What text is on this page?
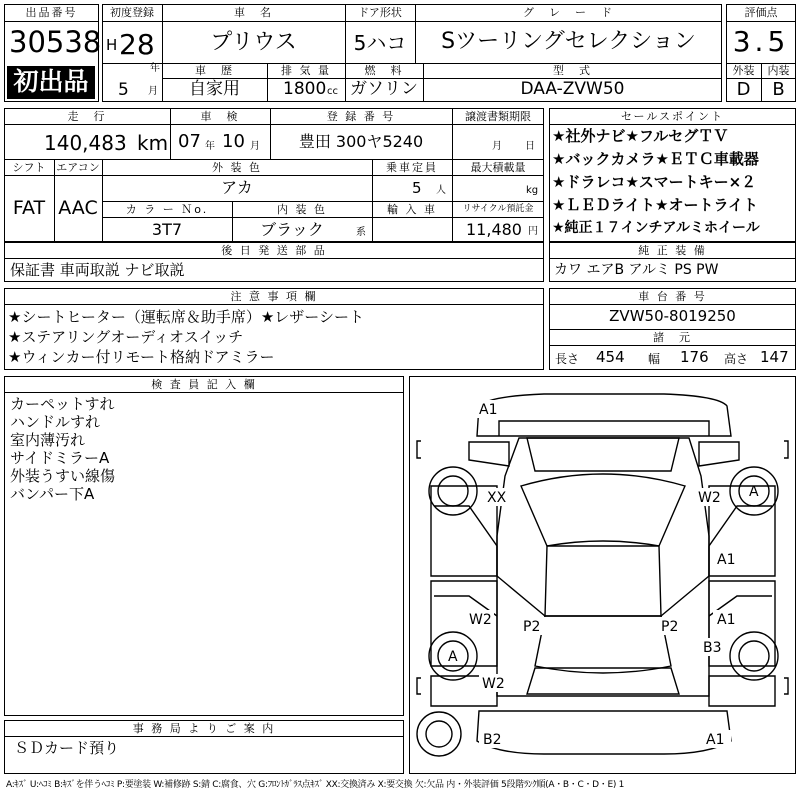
出品番号
30538
初出品
初度登録
H 28
年
5 月
車　名
プリウス
ドア形状
5ハコ
グ　レ　ー　ド
Sツーリングセレクション
車　歴
自家用
排 気 量
1800 cc
燃　料
ガソリン
型　式
DAA-ZVW50
評価点
3.5
外装	内装
D	B
走　行
140,483 km
車　検
07 年 10 月
登 録 番 号
豊田 300ヤ5240
譲渡書類期限
月 日
シフト
FAT
エアコン
AAC
外 装 色
アカ
乗車定員
5 人
最大積載量
kg
カ ラ ー Ｎo.
3T7
内 装 色
ブラック	系
輸 入 車	リサイクル預託金
11,480 円
後 日 発 送 部 品
保証書 車両取説 ナビ取説
セールスポイント
★社外ナビ★フルセグＴＶ
★バックカメラ★ＥＴＣ車載器
★ドラレコ★スマートキー×２
★ＬＥＤライト★オートライト
★純正１７インチアルミホイール
純 正 装 備
カワ エアB アルミ PS PW
注 意 事 項 欄
★シートヒーター（運転席＆助手席）★レザーシート
★ステアリングオーディオスイッチ
★ウィンカー付リモート格納ドアミラー
車 台 番 号
ZVW50-8019250
諸　元
長さ 454 幅 176 高さ 147
検 査 員 記 入 欄
カーペットすれ
ハンドルすれ
室内薄汚れ
サイドミラーA
外装うすい線傷
バンパー下A
A1
XX	W2 A
A1
W2 P2	P2	A1
A
B3
W2
B2	A1
事 務 局 よ り ご 案 内
ＳＤカード預り
A:ｷｽﾞ U:ﾍｺﾐ B:ｷｽﾞを伴うﾍｺﾐ P:要塗装 W:補修跡 S:錆 C:腐食、穴 G:ﾌﾛﾝﾄｶﾞﾗｽ点ｷｽﾞ XX:交換済み X:要交換 欠:欠品 内・外装評価 5段階ﾗﾝｸ順(A・B・C・D・E) 1
